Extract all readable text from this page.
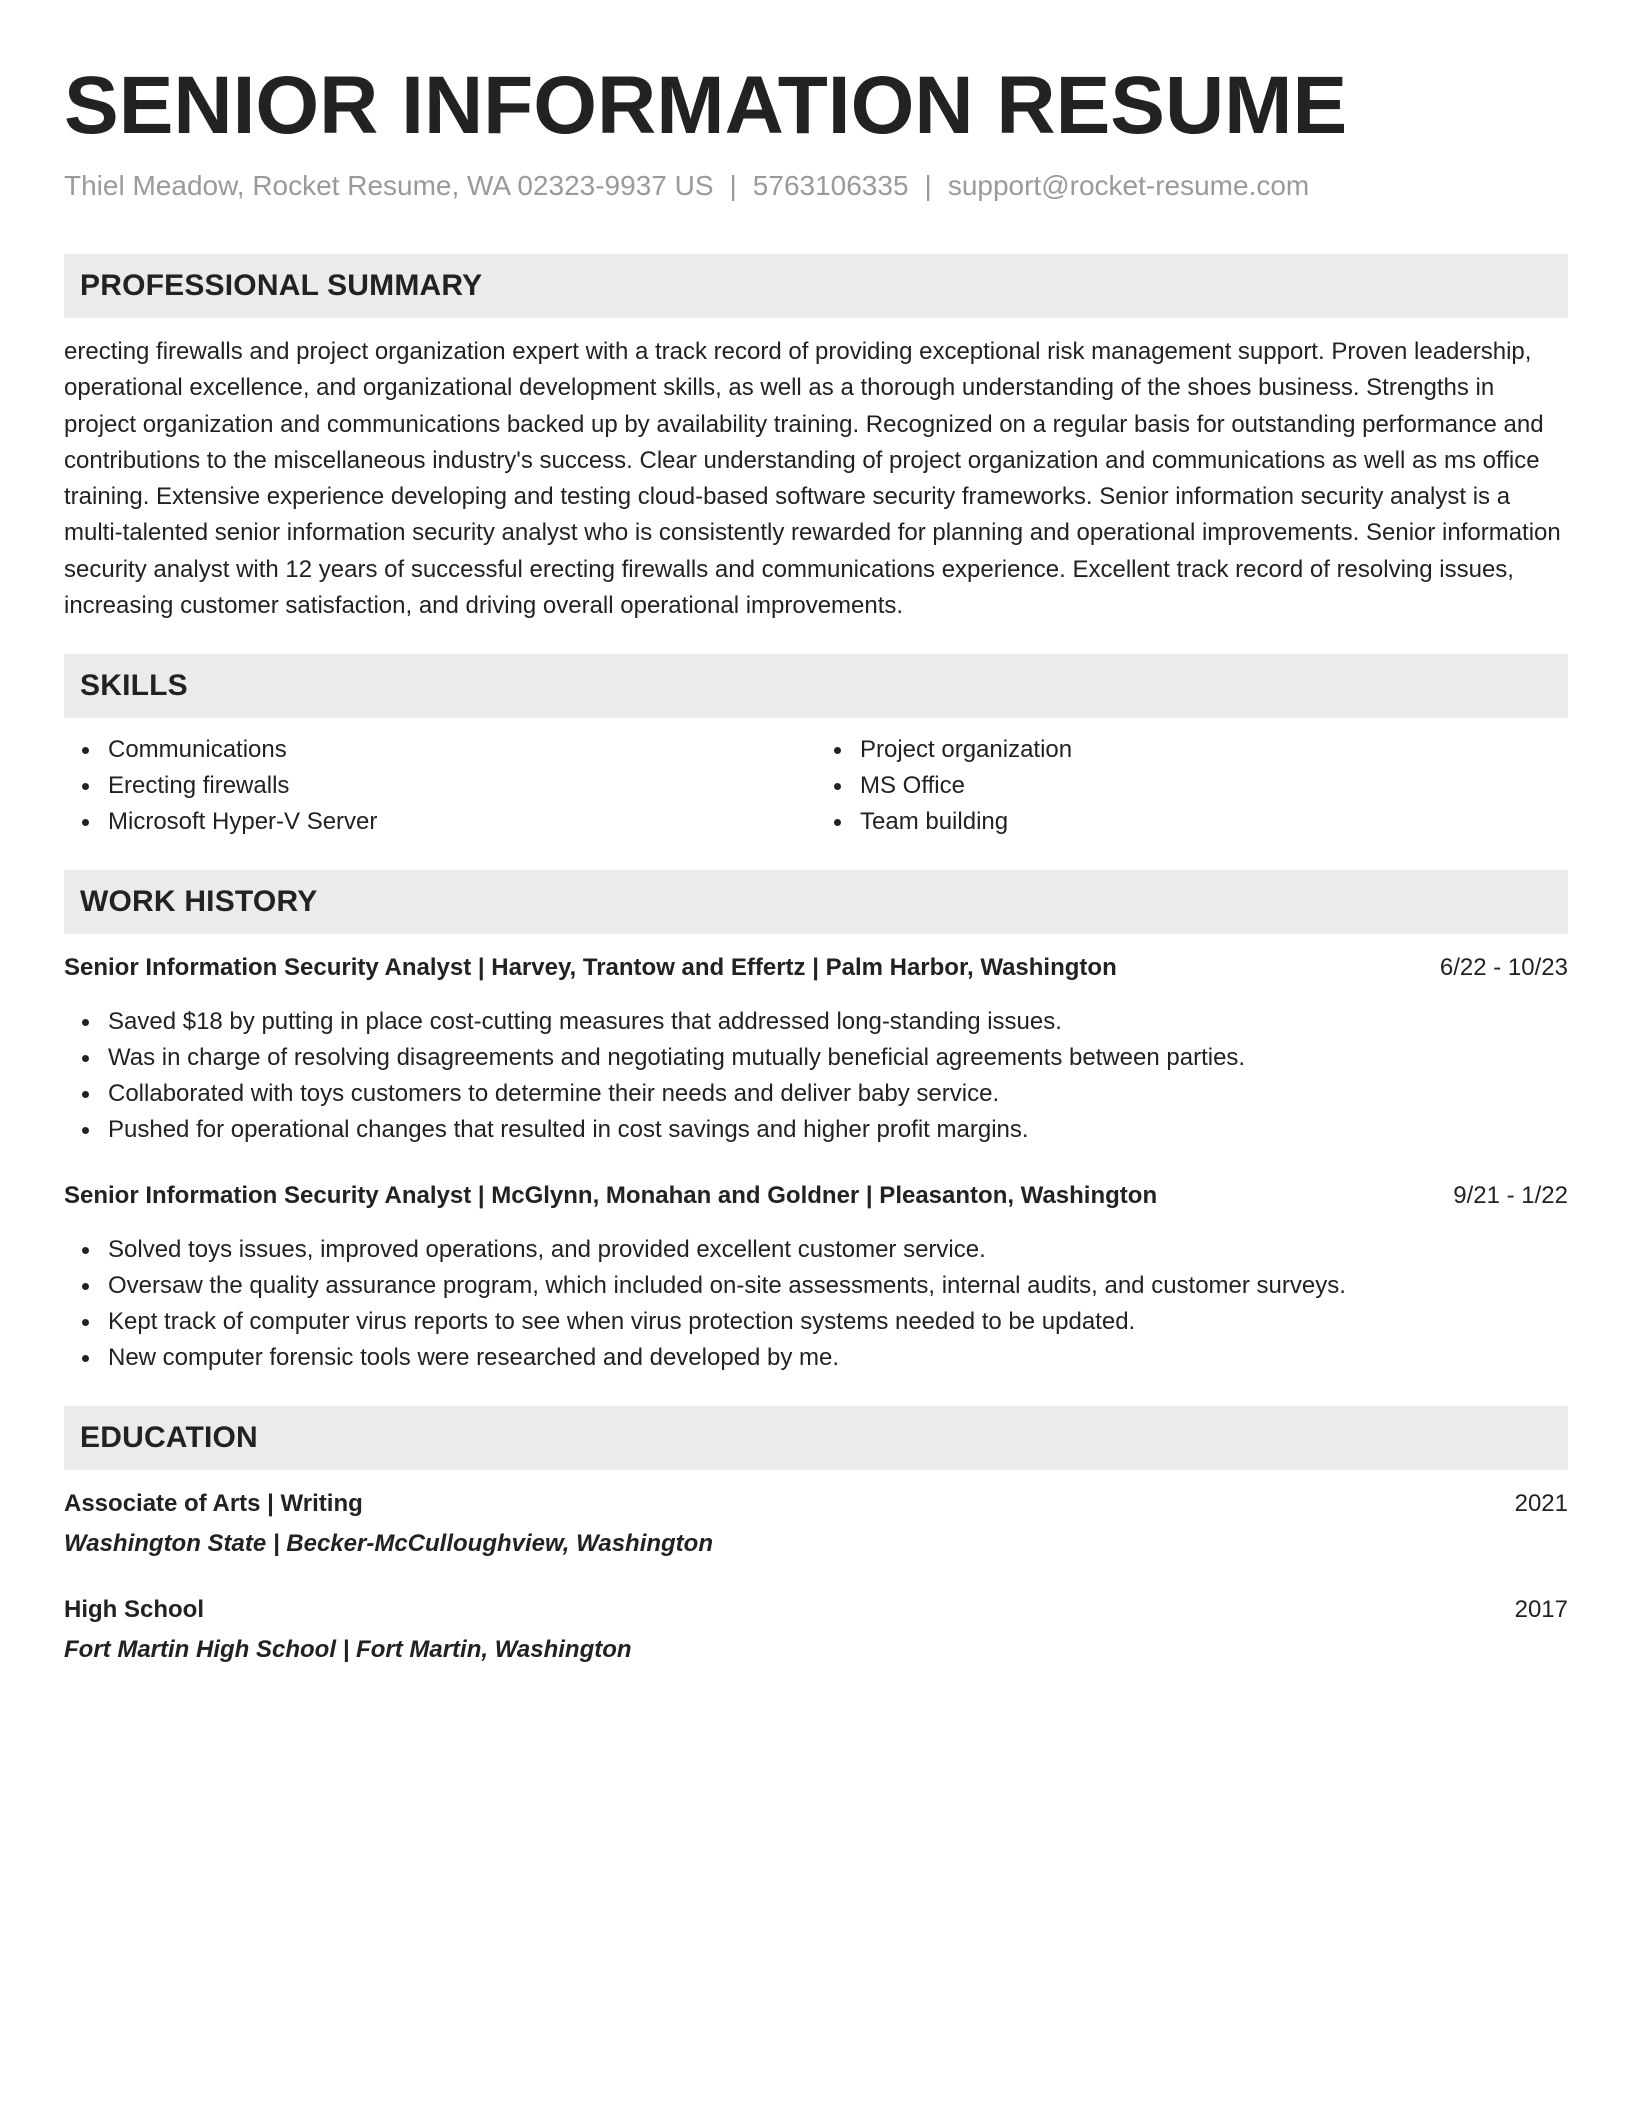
SENIOR INFORMATION RESUME
Thiel Meadow, Rocket Resume, WA 02323-9937 US | 5763106335 | support@rocket-resume.com
PROFESSIONAL SUMMARY

erecting firewalls and project organization expert with a track record of providing exceptional risk management support. Proven leadership, operational excellence, and organizational development skills, as well as a thorough understanding of the shoes business. Strengths in project organization and communications backed up by availability training. Recognized on a regular basis for outstanding performance and contributions to the miscellaneous industry's success. Clear understanding of project organization and communications as well as ms office training. Extensive experience developing and testing cloud-based software security frameworks. Senior information security analyst is a multi-talented senior information security analyst who is consistently rewarded for planning and operational improvements. Senior information security analyst with 12 years of successful erecting firewalls and communications experience. Excellent track record of resolving issues, increasing customer satisfaction, and driving overall operational improvements.

SKILLS
Communications
Erecting firewalls
Microsoft Hyper-V Server
Project organization
MS Office
Team building
WORK HISTORY
Senior Information Security Analyst | Harvey, Trantow and Effertz | Palm Harbor, Washington	6/22 - 10/23
Saved $18 by putting in place cost-cutting measures that addressed long-standing issues.
Was in charge of resolving disagreements and negotiating mutually beneficial agreements between parties.
Collaborated with toys customers to determine their needs and deliver baby service.
Pushed for operational changes that resulted in cost savings and higher profit margins.
Senior Information Security Analyst | McGlynn, Monahan and Goldner | Pleasanton, Washington	9/21 - 1/22
Solved toys issues, improved operations, and provided excellent customer service.
Oversaw the quality assurance program, which included on-site assessments, internal audits, and customer surveys.
Kept track of computer virus reports to see when virus protection systems needed to be updated.
New computer forensic tools were researched and developed by me.
EDUCATION
Associate of Arts | Writing	2021
Washington State | Becker-McCulloughview, Washington
High School	2017
Fort Martin High School | Fort Martin, Washington
